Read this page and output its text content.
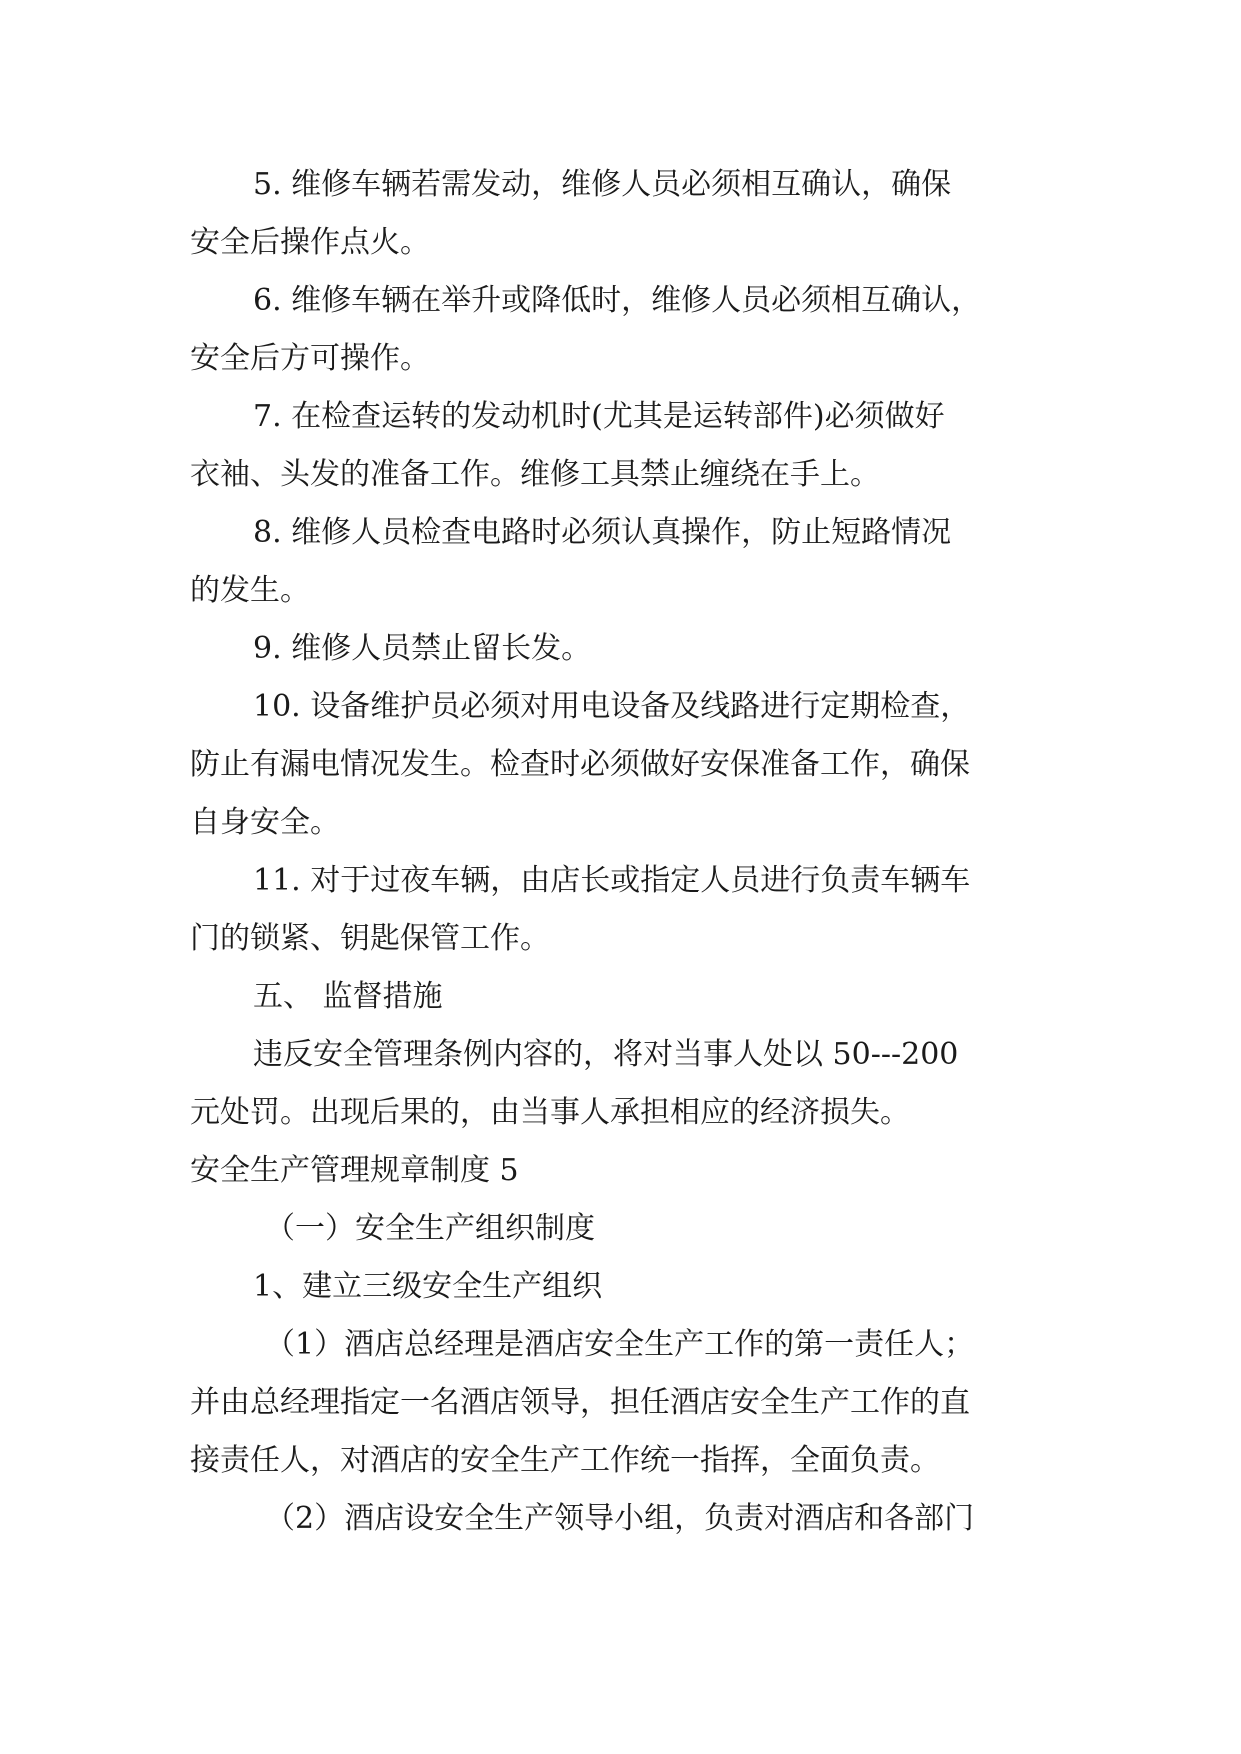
5. 维修车辆若需发动，维修人员必须相互确认，确保
安全后操作点火。
6. 维修车辆在举升或降低时，维修人员必须相互确认，
安全后方可操作。
7. 在检查运转的发动机时(尤其是运转部件)必须做好
衣袖、头发的准备工作。维修工具禁止缠绕在手上。
8. 维修人员检查电路时必须认真操作，防止短路情况
的发生。
9. 维修人员禁止留长发。
10. 设备维护员必须对用电设备及线路进行定期检查，
防止有漏电情况发生。检查时必须做好安保准备工作，确保
自身安全。
11. 对于过夜车辆，由店长或指定人员进行负责车辆车
门的锁紧、钥匙保管工作。
五、 监督措施
违反安全管理条例内容的，将对当事人处以 50---200
元处罚。出现后果的，由当事人承担相应的经济损失。
安全生产管理规章制度 5
（一）安全生产组织制度
1、建立三级安全生产组织
（1）酒店总经理是酒店安全生产工作的第一责任人；
并由总经理指定一名酒店领导，担任酒店安全生产工作的直
接责任人，对酒店的安全生产工作统一指挥，全面负责。
（2）酒店设安全生产领导小组，负责对酒店和各部门
